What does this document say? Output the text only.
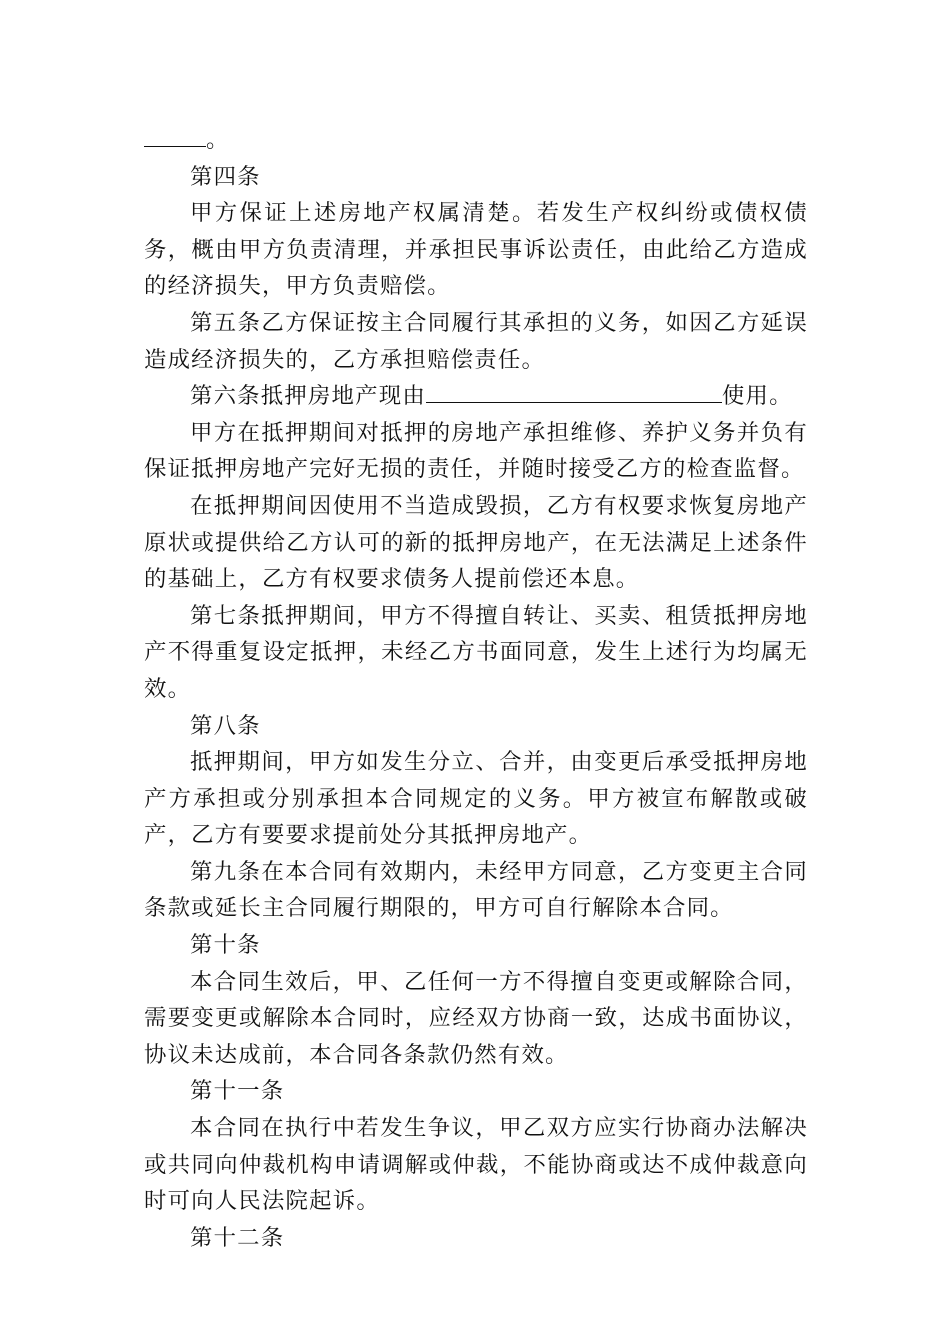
。

第四条

甲方保证上述房地产权属清楚。若发生产权纠纷或债权债务，概由甲方负责清理，并承担民事诉讼责任，由此给乙方造成的经济损失，甲方负责赔偿。

第五条乙方保证按主合同履行其承担的义务，如因乙方延误造成经济损失的，乙方承担赔偿责任。

第六条抵押房地产现由	使用。

甲方在抵押期间对抵押的房地产承担维修、养护义务并负有保证抵押房地产完好无损的责任，并随时接受乙方的检查监督。

在抵押期间因使用不当造成毁损，乙方有权要求恢复房地产原状或提供给乙方认可的新的抵押房地产，在无法满足上述条件的基础上，乙方有权要求债务人提前偿还本息。

第七条抵押期间，甲方不得擅自转让、买卖、租赁抵押房地产不得重复设定抵押，未经乙方书面同意，发生上述行为均属无效。

第八条

抵押期间，甲方如发生分立、合并，由变更后承受抵押房地产方承担或分别承担本合同规定的义务。甲方被宣布解散或破产，乙方有要要求提前处分其抵押房地产。

第九条在本合同有效期内，未经甲方同意，乙方变更主合同条款或延长主合同履行期限的，甲方可自行解除本合同。

第十条

本合同生效后，甲、乙任何一方不得擅自变更或解除合同，需要变更或解除本合同时，应经双方协商一致，达成书面协议，协议未达成前，本合同各条款仍然有效。

第十一条

本合同在执行中若发生争议，甲乙双方应实行协商办法解决或共同向仲裁机构申请调解或仲裁，不能协商或达不成仲裁意向时可向人民法院起诉。

第十二条
